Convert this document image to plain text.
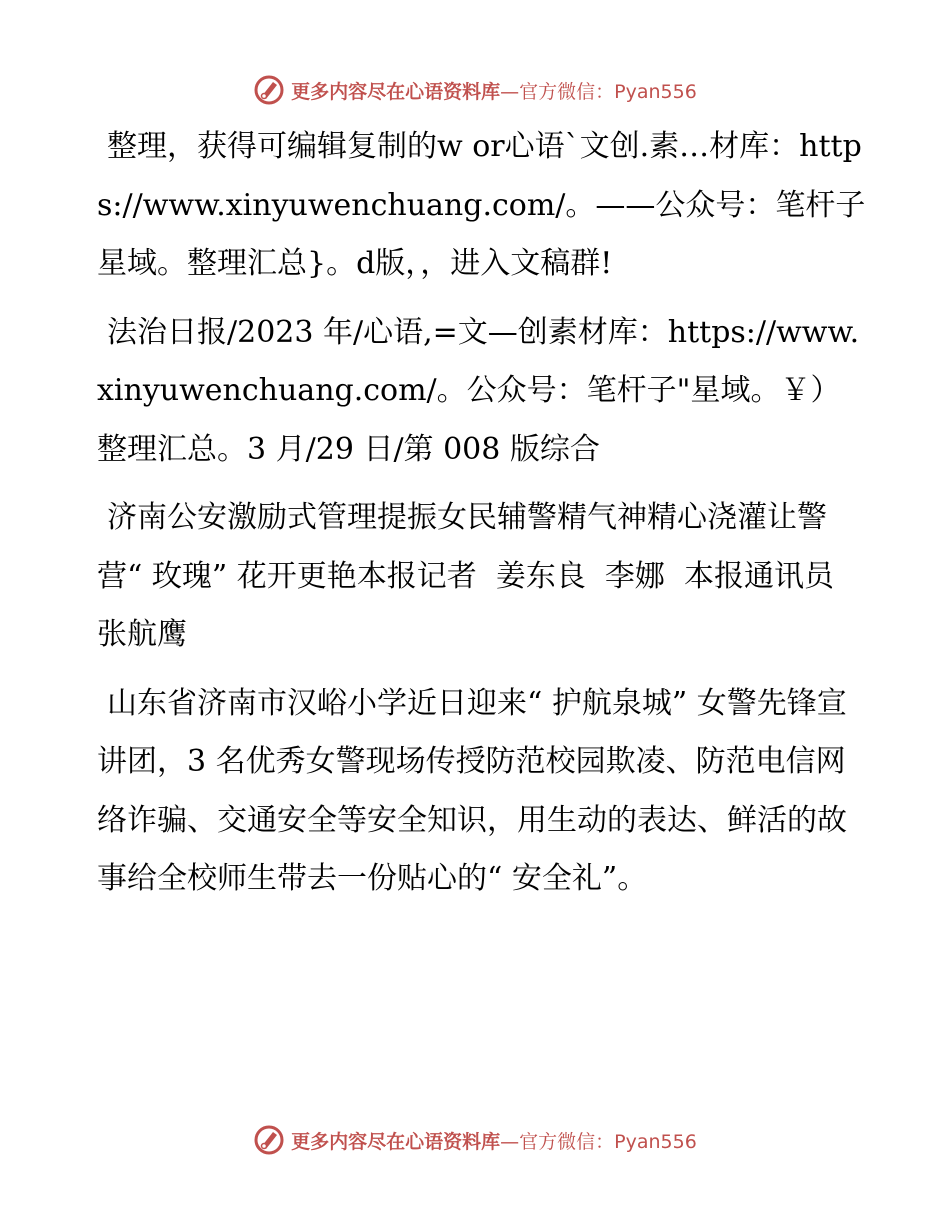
更多内容尽在心语资料库—官方微信：Pyan556

整理，获得可编辑复制的w or心语`文创.素…材库：https://www.xinyuwenchuang.com/。——公众号：笔杆子星域。整理汇总}。d版，，进入文稿群!

法治日报/2023 年/心语,=文—创素材库：https://www.xinyuwenchuang.com/。公众号：笔杆子"星域。￥）整理汇总。3 月/29 日/第 008 版综合

济南公安激励式管理提振女民辅警精气神精心浇灌让警营“ 玫瑰” 花开更艳本报记者  姜东良  李娜  本报通讯员  张航鹰

山东省济南市汉峪小学近日迎来“ 护航泉城” 女警先锋宣讲团，3 名优秀女警现场传授防范校园欺凌、防范电信网络诈骗、交通安全等安全知识，用生动的表达、鲜活的故事给全校师生带去一份贴心的“ 安全礼”。

更多内容尽在心语资料库—官方微信：Pyan556
